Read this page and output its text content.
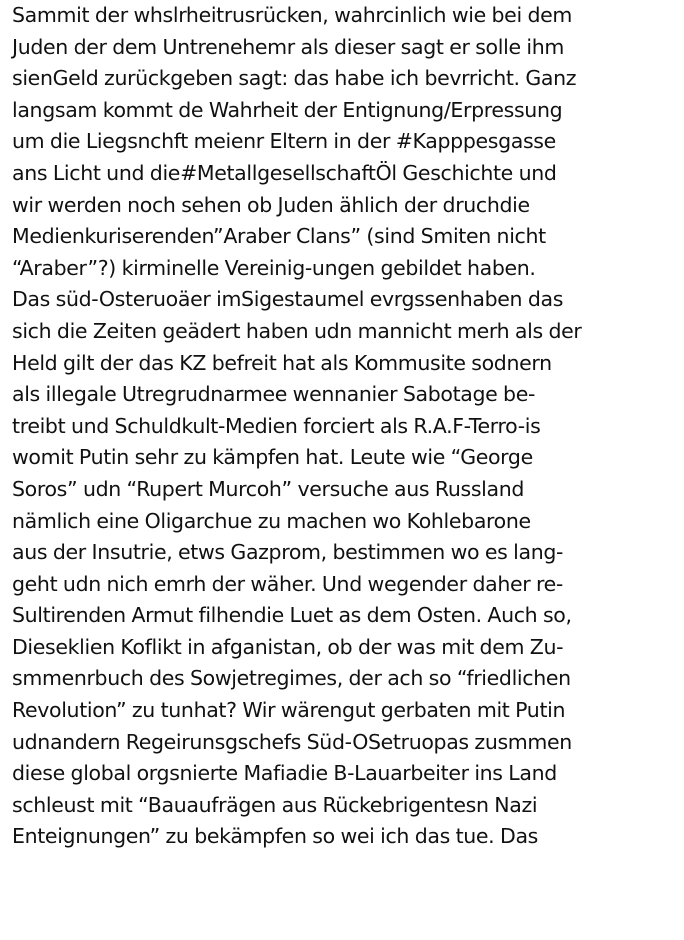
Sammit der whslrheitrusrücken, wahrcinlich wie bei dem
Juden der dem Untrenehemr als dieser sagt er solle ihm
sienGeld zurückgeben sagt: das habe ich bevrricht. Ganz
langsam kommt de Wahrheit der Entignung/Erpressung
um die Liegsnchft meienr Eltern in der #Kapppesgasse
ans Licht und die#MetallgesellschaftÖl Geschichte und
wir werden noch sehen ob Juden ählich der druchdie
Medienkuriserenden”Araber Clans” (sind Smiten nicht
“Araber”?) kirminelle Vereinig-ungen gebildet haben.
Das süd-Osteruoäer imSigestaumel evrgssenhaben das
sich die Zeiten geädert haben udn mannicht merh als der
Held gilt der das KZ befreit hat als Kommusite sodnern
als illegale Utregrudnarmee wennanier Sabotage be-
treibt und Schuldkult-Medien forciert als R.A.F-Terro-is
womit Putin sehr zu kämpfen hat. Leute wie “George
Soros” udn “Rupert Murcoh” versuche aus Russland
nämlich eine Oligarchue zu machen wo Kohlebarone
aus der Insutrie, etws Gazprom, bestimmen wo es lang-
geht udn nich emrh der wäher. Und wegender daher re-
Sultirenden Armut filhendie Luet as dem Osten. Auch so,
Dieseklien Koflikt in afganistan, ob der was mit dem Zu-
smmenrbuch des Sowjetregimes, der ach so “friedlichen
Revolution” zu tunhat? Wir wärengut gerbaten mit Putin
udnandern Regeirunsgschefs Süd-OSetruopas zusmmen
diese global orgsnierte Mafiadie B-Lauarbeiter ins Land
schleust mit “Bauaufrägen aus Rückebrigentesn Nazi
Enteignungen” zu bekämpfen so wei ich das tue. Das
